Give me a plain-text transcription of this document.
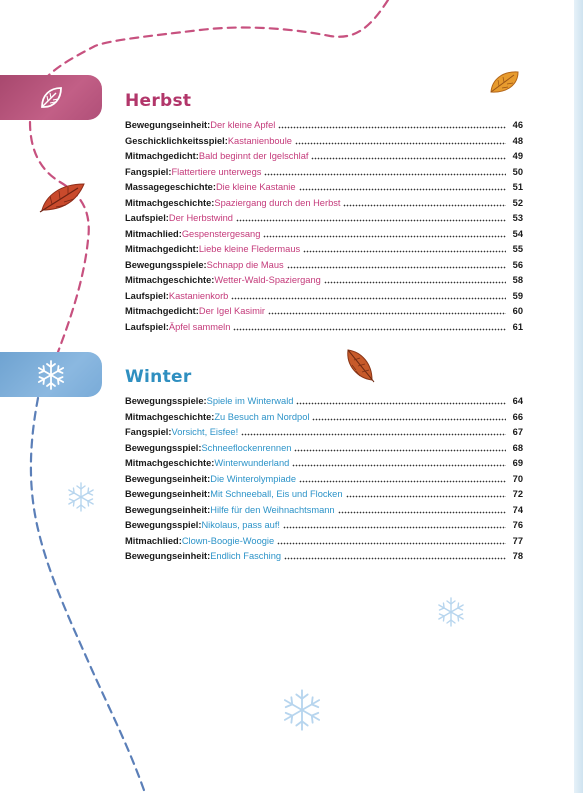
Herbst
Bewegungseinheit: Der kleine Apfel	46
Geschicklichkeitsspiel: Kastanienboule	48
Mitmachgedicht: Bald beginnt der Igelschlaf	49
Fangspiel: Flattertiere unterwegs	50
Massagegeschichte: Die kleine Kastanie	51
Mitmachgeschichte: Spaziergang durch den Herbst	52
Laufspiel: Der Herbstwind	53
Mitmachlied: Gespenstergesang	54
Mitmachgedicht: Liebe kleine Fledermaus	55
Bewegungsspiele: Schnapp die Maus	56
Mitmachgeschichte: Wetter-Wald-Spaziergang	58
Laufspiel: Kastanienkorb	59
Mitmachgedicht: Der Igel Kasimir	60
Laufspiel: Äpfel sammeln	61
Winter
Bewegungsspiele: Spiele im Winterwald	64
Mitmachgeschichte: Zu Besuch am Nordpol	66
Fangspiel: Vorsicht, Eisfee!	67
Bewegungsspiel: Schneeflockenrennen	68
Mitmachgeschichte: Winterwunderland	69
Bewegungseinheit: Die Winterolympiade	70
Bewegungseinheit: Mit Schneeball, Eis und Flocken	72
Bewegungseinheit: Hilfe für den Weihnachtsmann	74
Bewegungsspiel: Nikolaus, pass auf!	76
Mitmachlied: Clown-Boogie-Woogie	77
Bewegungseinheit: Endlich Fasching	78
